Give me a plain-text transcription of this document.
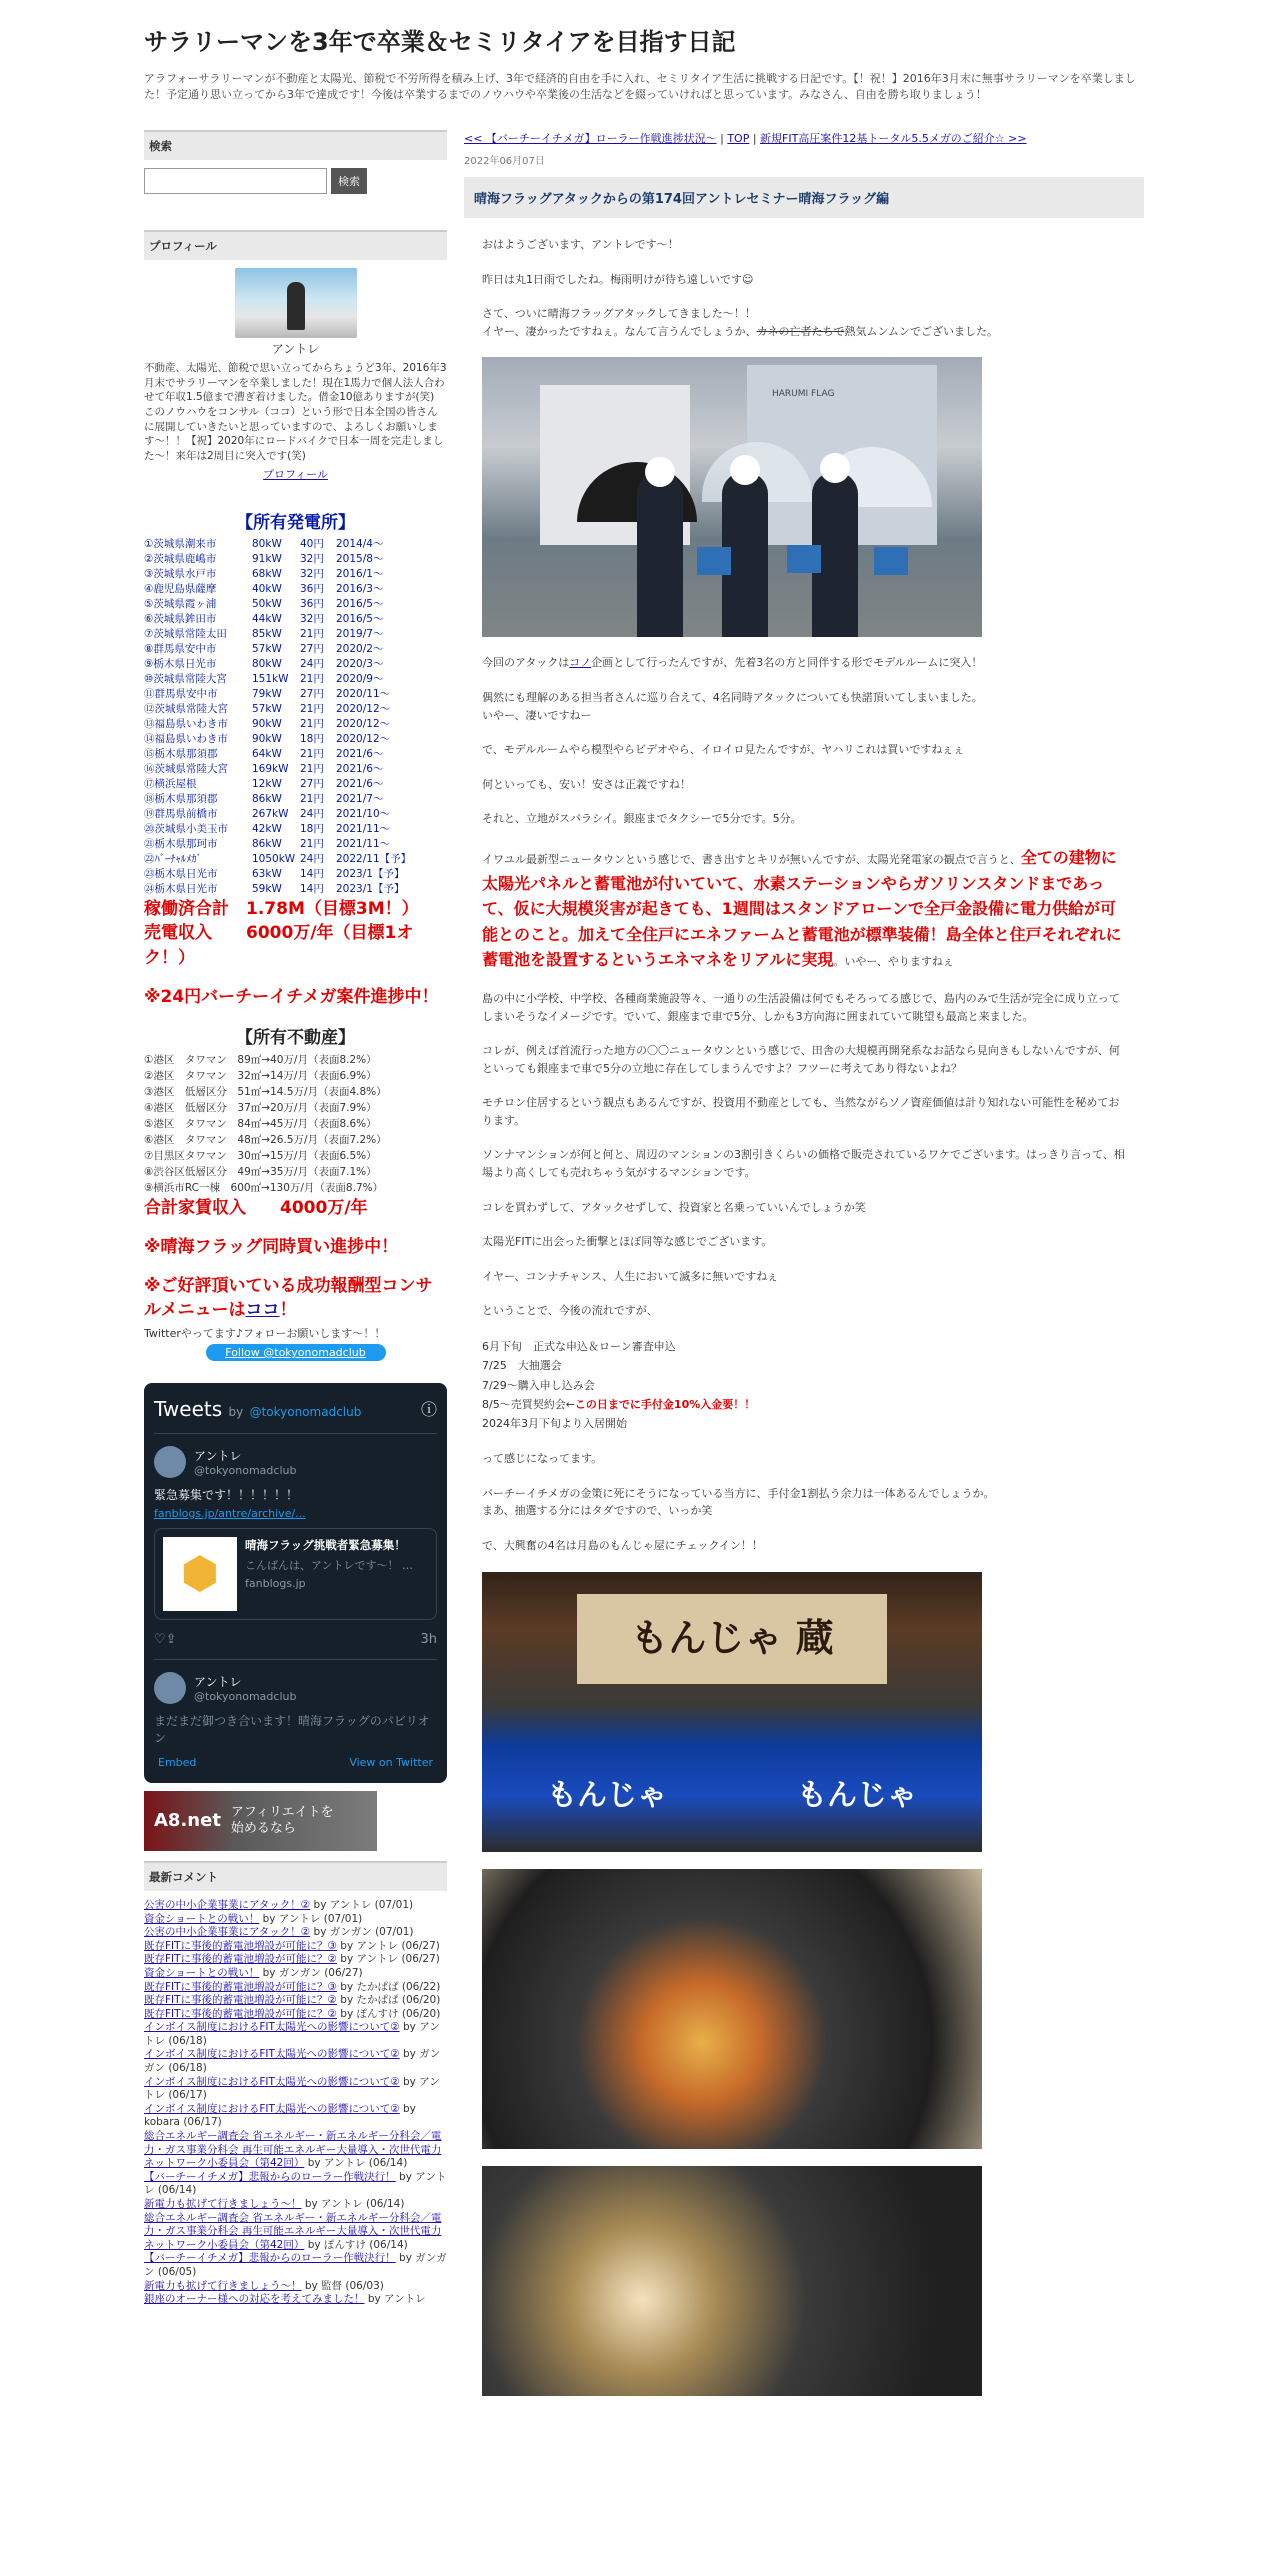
サラリーマンを3年で卒業＆セミリタイアを目指す日記
アラフォーサラリーマンが不動産と太陽光、節税で不労所得を積み上げ、3年で経済的自由を手に入れ、セミリタイア生活に挑戦する日記です。【！祝！】2016年3月末に無事サラリーマンを卒業しました！予定通り思い立ってから3年で達成です！今後は卒業するまでのノウハウや卒業後の生活などを綴っていければと思っています。みなさん、自由を勝ち取りましょう！
検索
検索
プロフィール
アントレ
不動産、太陽光、節税で思い立ってからちょうど3年、2016年3月末でサラリーマンを卒業しました！現在1馬力で個人法人合わせて年収1.5億まで漕ぎ着けました。借金10億ありますが(笑)　このノウハウをコンサル（ココ）という形で日本全国の皆さんに展開していきたいと思っていますので、よろしくお願いします～！！【祝】2020年にロードバイクで日本一周を完走しました～！来年は2周目に突入です(笑)
プロフィール
【所有発電所】
①茨城県潮来市	80kW	40円	2014/4～
②茨城県鹿嶋市	91kW	32円	2015/8～
③茨城県水戸市	68kW	32円	2016/1～
④鹿児島県薩摩	40kW	36円	2016/3～
⑤茨城県霞ヶ浦	50kW	36円	2016/5～
⑥茨城県鉾田市	44kW	32円	2016/5～
⑦茨城県常陸太田	85kW	21円	2019/7～
⑧群馬県安中市	57kW	27円	2020/2～
⑨栃木県日光市	80kW	24円	2020/3～
⑩茨城県常陸大宮	151kW	21円	2020/9～
⑪群馬県安中市	79kW	27円	2020/11～
⑫茨城県常陸大宮	57kW	21円	2020/12～
⑬福島県いわき市	90kW	21円	2020/12～
⑭福島県いわき市	90kW	18円	2020/12～
⑮栃木県那須郡	64kW	21円	2021/6～
⑯茨城県常陸大宮	169kW	21円	2021/6～
⑰横浜屋根	12kW	27円	2021/6～
⑱栃木県那須郡	86kW	21円	2021/7～
⑲群馬県前橋市	267kW	24円	2021/10～
⑳茨城県小美玉市	42kW	18円	2021/11～
㉑栃木県那珂市	86kW	21円	2021/11～
㉒ﾊﾞｰﾁｬﾙﾒｶﾞ	1050kW 24円	2022/11【予】
㉓栃木県日光市	63kW	14円	2023/1【予】
㉔栃木県日光市	59kW	14円	2023/1【予】
稼働済合計　1.78M（目標3M！）
売電収入　　6000万/年（目標1オク！）
※24円バーチーイチメガ案件進捗中！
【所有不動産】
①港区　タワマン　89㎡→40万/月（表面8.2%）
②港区　タワマン　32㎡→14万/月（表面6.9%）
③港区　低層区分　51㎡→14.5万/月（表面4.8%）
④港区　低層区分　37㎡→20万/月（表面7.9%）
⑤港区　タワマン　84㎡→45万/月（表面8.6%）
⑥港区　タワマン　48㎡→26.5万/月（表面7.2%）
⑦目黒区タワマン　30㎡→15万/月（表面6.5%）
⑧渋谷区低層区分　49㎡→35万/月（表面7.1%）
⑨横浜市RC一棟　600㎡→130万/月（表面8.7%）
合計家賃収入　　4000万/年
※晴海フラッグ同時買い進捗中！
※ご好評頂いている成功報酬型コンサルメニューはココ！
Twitterやってます♪フォローお願いします～！！
Follow @tokyonomadclub
Tweets by @tokyonomadclub	ⓘ
アントレ
@tokyonomadclub
緊急募集です！！！！！！
fanblogs.jp/antre/archive/...
⬢
晴海フラッグ挑戦者緊急募集！
こんばんは、アントレです〜！ …
fanblogs.jp
♡ ⇪	3h
アントレ
@tokyonomadclub
まだまだ御つき合います！晴海フラッグのパビリオン
Embed	View on Twitter
A8.net アフィリエイトを
始めるなら
最新コメント
公害の中小企業事業にアタック！② by アントレ (07/01)
資金ショートとの戦い！ by アントレ (07/01)
公害の中小企業事業にアタック！② by ガンガン (07/01)
既存FITに事後的蓄電池増設が可能に？③ by アントレ (06/27)
既存FITに事後的蓄電池増設が可能に？② by アントレ (06/27)
資金ショートとの戦い！ by ガンガン (06/27)
既存FITに事後的蓄電池増設が可能に？③ by たかぱぱ (06/22)
既存FITに事後的蓄電池増設が可能に？② by たかぱぱ (06/20)
既存FITに事後的蓄電池増設が可能に？② by ぽんすけ (06/20)
インボイス制度におけるFIT太陽光への影響について② by アントレ (06/18)
インボイス制度におけるFIT太陽光への影響について② by ガンガン (06/18)
インボイス制度におけるFIT太陽光への影響について② by アントレ (06/17)
インボイス制度におけるFIT太陽光への影響について② by kobara (06/17)
総合エネルギー調査会 省エネルギー・新エネルギー分科会／電力・ガス事業分科会 再生可能エネルギー大量導入・次世代電力ネットワーク小委員会（第42回） by アントレ (06/14)
【バーチーイチメガ】悲報からのローラー作戦決行！ by アントレ (06/14)
新電力も拡げて行きましょう～！ by アントレ (06/14)
総合エネルギー調査会 省エネルギー・新エネルギー分科会／電力・ガス事業分科会 再生可能エネルギー大量導入・次世代電力ネットワーク小委員会（第42回） by ぽんすけ (06/14)
【バーチーイチメガ】悲報からのローラー作戦決行！ by ガンガン (06/05)
新電力も拡げて行きましょう～！ by 監督 (06/03)
銀座のオーナー様への対応を考えてみました！ by アントレ
<< 【バーチーイチメガ】ローラー作戦進捗状況～ | TOP | 新規FIT高圧案件12基トータル5.5メガのご紹介☆ >>
2022年06月07日
晴海フラッグアタックからの第174回アントレセミナー晴海フラッグ編

おはようございます、アントレです～！

昨日は丸1日雨でしたね。梅雨明けが待ち遠しいです☺

さて、ついに晴海フラッグアタックしてきました～！！
イヤー、凄かったですねぇ。なんて言うんでしょうか、カネの亡者たちで熱気ムンムンでございました。

HARUMI FLAG

今回のアタックはコノ企画として行ったんですが、先着3名の方と同伴する形でモデルルームに突入！

偶然にも理解のある担当者さんに巡り合えて、4名同時アタックについても快諾頂いてしまいました。
いやー、凄いですねー

で、モデルルームやら模型やらビデオやら、イロイロ見たんですが、ヤハリこれは買いですねぇぇ

何といっても、安い！安さは正義ですね！

それと、立地がスバラシイ。銀座までタクシーで5分です。5分。

イワユル最新型ニュータウンという感じで、書き出すとキリが無いんですが、太陽光発電家の観点で言うと、全ての建物に太陽光パネルと蓄電池が付いていて、水素ステーションやらガソリンスタンドまであって、仮に大規模災害が起きても、1週間はスタンドアローンで全戸金設備に電力供給が可能とのこと。加えて全住戸にエネファームと蓄電池が標準装備！島全体と住戸それぞれに蓄電池を設置するというエネマネをリアルに実現。いやー、やりますねぇ

島の中に小学校、中学校、各種商業施設等々、一通りの生活設備は何でもそろってる感じで、島内のみで生活が完全に成り立ってしまいそうなイメージです。でいて、銀座まで車で5分、しかも3方向海に囲まれていて眺望も最高と来ました。

コレが、例えば首流行った地方の〇〇ニュータウンという感じで、田舎の大規模再開発系なお話なら見向きもしないんですが、何といっても銀座まで車で5分の立地に存在してしまうんですよ？フツーに考えてあり得ないよね？

モチロン住居するという観点もあるんですが、投資用不動産としても、当然ながらソノ資産価値は計り知れない可能性を秘めております。

ソンナマンションが何と何と、周辺のマンションの3割引きくらいの価格で販売されているワケでございます。はっきり言って、相場より高くしても売れちゃう気がするマンションです。

コレを買わずして、アタックせずして、投資家と名乗っていいんでしょうか笑

太陽光FITに出会った衝撃とほぼ同等な感じでございます。

イヤー、コンナチャンス、人生において滅多に無いですねぇ

ということで、今後の流れですが、

6月下旬　正式な申込＆ローン審査申込
7/25　大抽選会
7/29～購入申し込み会
8/5～売買契約会←この日までに手付金10%入金要！！
2024年3月下旬より入居開始

って感じになってます。

バーチーイチメガの金策に死にそうになっている当方に、手付金1割払う余力は一体あるんでしょうか。
まあ、抽選する分にはタダですので、いっか笑

で、大興奮の4名は月島のもんじゃ屋にチェックイン！！

もんじゃ 蔵
もんじゃ	もんじゃ
